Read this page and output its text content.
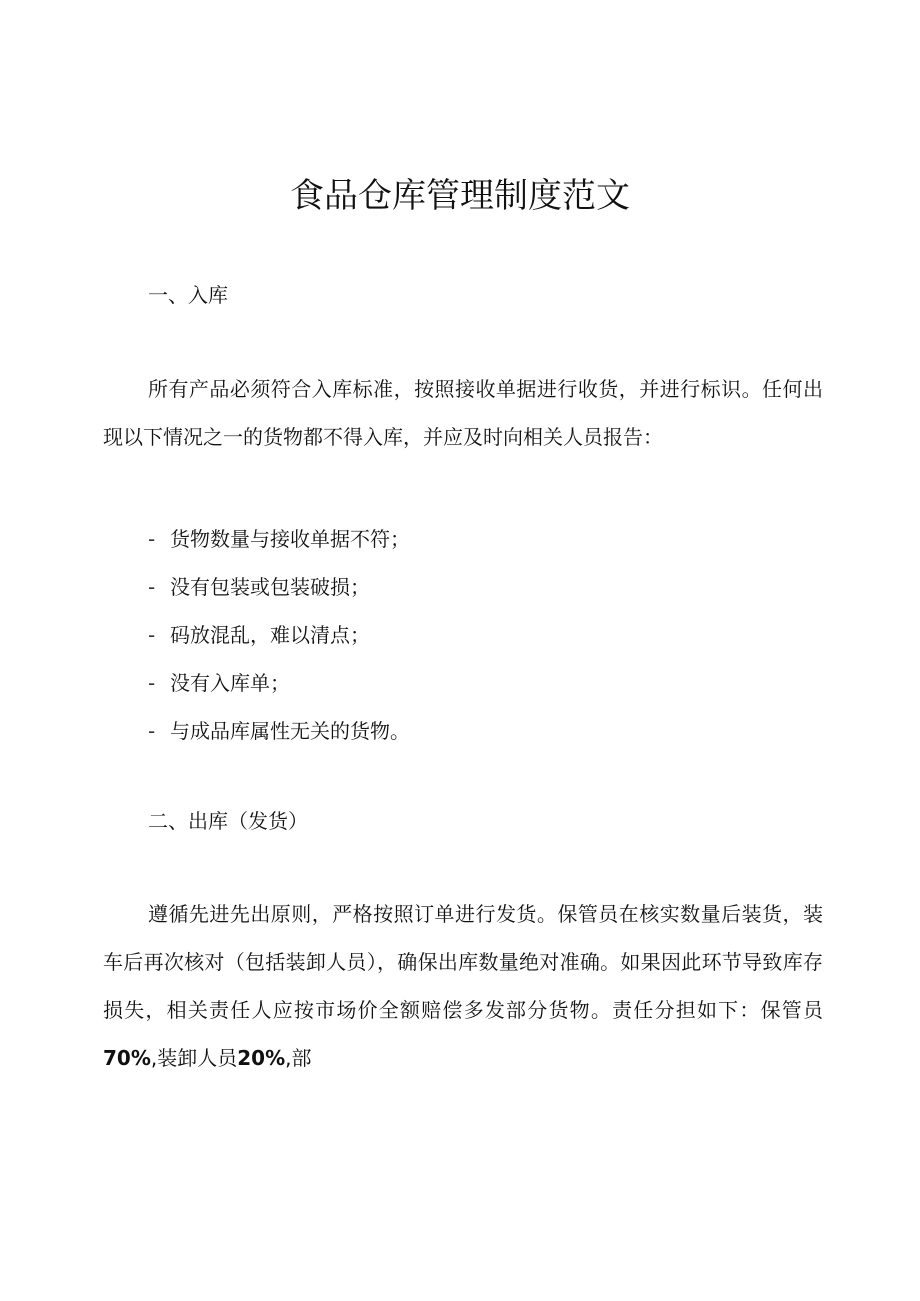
食品仓库管理制度范文

一、入库

所有产品必须符合入库标准，按照接收单据进行收货，并进行标识。任何出现以下情况之一的货物都不得入库，并应及时向相关人员报告：

- 货物数量与接收单据不符；
- 没有包装或包装破损；
- 码放混乱，难以清点；
- 没有入库单；
- 与成品库属性无关的货物。

二、出库（发货）

遵循先进先出原则，严格按照订单进行发货。保管员在核实数量后装货，装车后再次核对（包括装卸人员），确保出库数量绝对准确。如果因此环节导致库存损失，相关责任人应按市场价全额赔偿多发部分货物。责任分担如下：保管员70%,装卸人员20%,部
